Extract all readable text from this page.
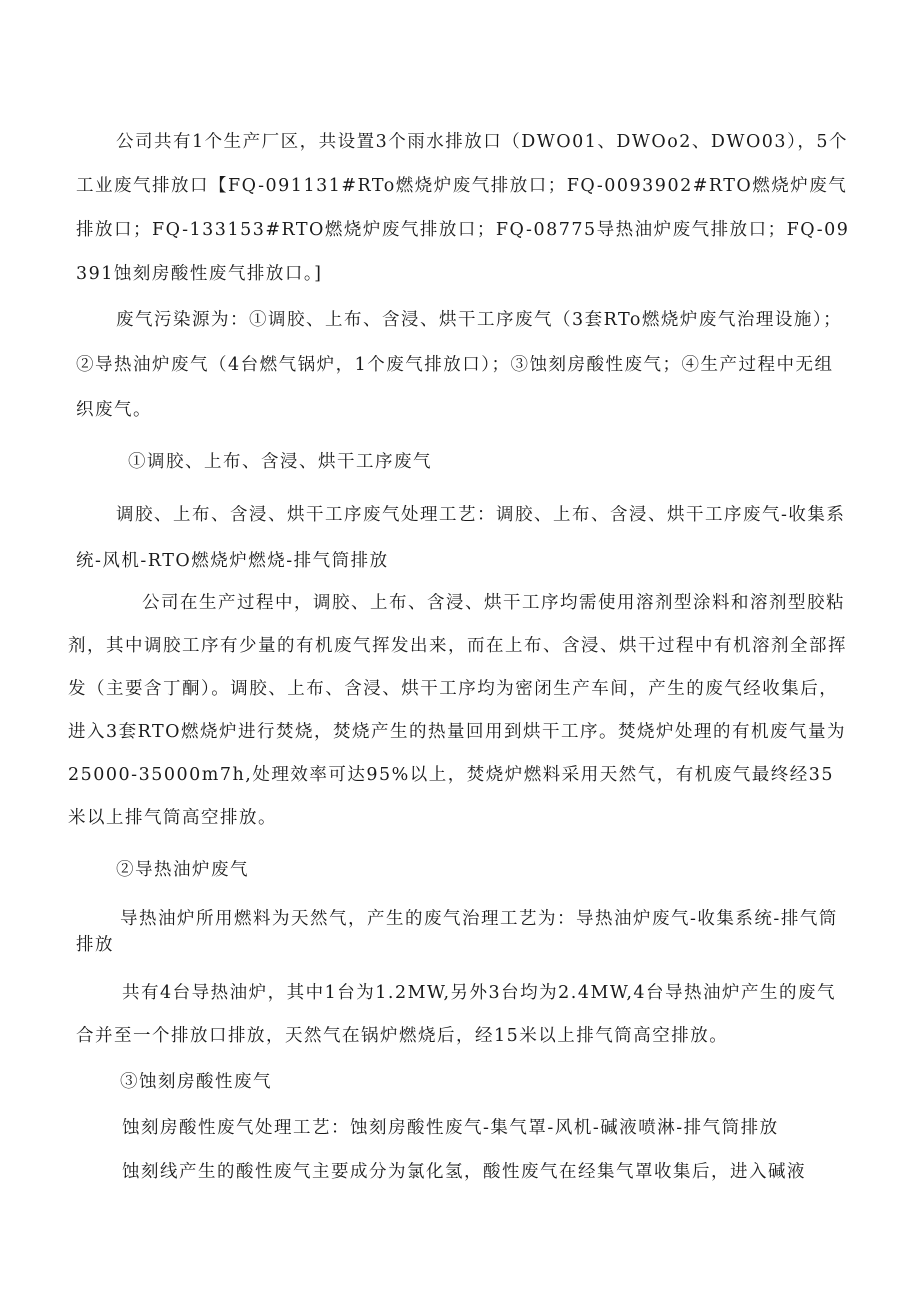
公司共有1个生产厂区，共设置3个雨水排放口（DWO01、DWOo2、DWO03），5个工业废气排放口【FQ-091131#RTo燃烧炉废气排放口；FQ-0093902#RTO燃烧炉废气排放口；FQ-133153#RTO燃烧炉废气排放口；FQ-08775导热油炉废气排放口；FQ-09391蚀刻房酸性废气排放口。]

废气污染源为：①调胶、上布、含浸、烘干工序废气（3套RTo燃烧炉废气治理设施）；②导热油炉废气（4台燃气锅炉，1个废气排放口）；③蚀刻房酸性废气；④生产过程中无组织废气。

①调胶、上布、含浸、烘干工序废气

调胶、上布、含浸、烘干工序废气处理工艺：调胶、上布、含浸、烘干工序废气-收集系统-风机-RTO燃烧炉燃烧-排气筒排放

公司在生产过程中，调胶、上布、含浸、烘干工序均需使用溶剂型涂料和溶剂型胶粘剂，其中调胶工序有少量的有机废气挥发出来，而在上布、含浸、烘干过程中有机溶剂全部挥发（主要含丁酮）。调胶、上布、含浸、烘干工序均为密闭生产车间，产生的废气经收集后，进入3套RTO燃烧炉进行焚烧，焚烧产生的热量回用到烘干工序。焚烧炉处理的有机废气量为25000-35000m7h,处理效率可达95%以上，焚烧炉燃料采用天然气，有机废气最终经35米以上排气筒高空排放。

②导热油炉废气

导热油炉所用燃料为天然气，产生的废气治理工艺为：导热油炉废气-收集系统-排气筒排放

共有4台导热油炉，其中1台为1.2MW,另外3台均为2.4MW,4台导热油炉产生的废气合并至一个排放口排放，天然气在锅炉燃烧后，经15米以上排气筒高空排放。

③蚀刻房酸性废气

蚀刻房酸性废气处理工艺：蚀刻房酸性废气-集气罩-风机-碱液喷淋-排气筒排放

蚀刻线产生的酸性废气主要成分为氯化氢，酸性废气在经集气罩收集后，进入碱液
